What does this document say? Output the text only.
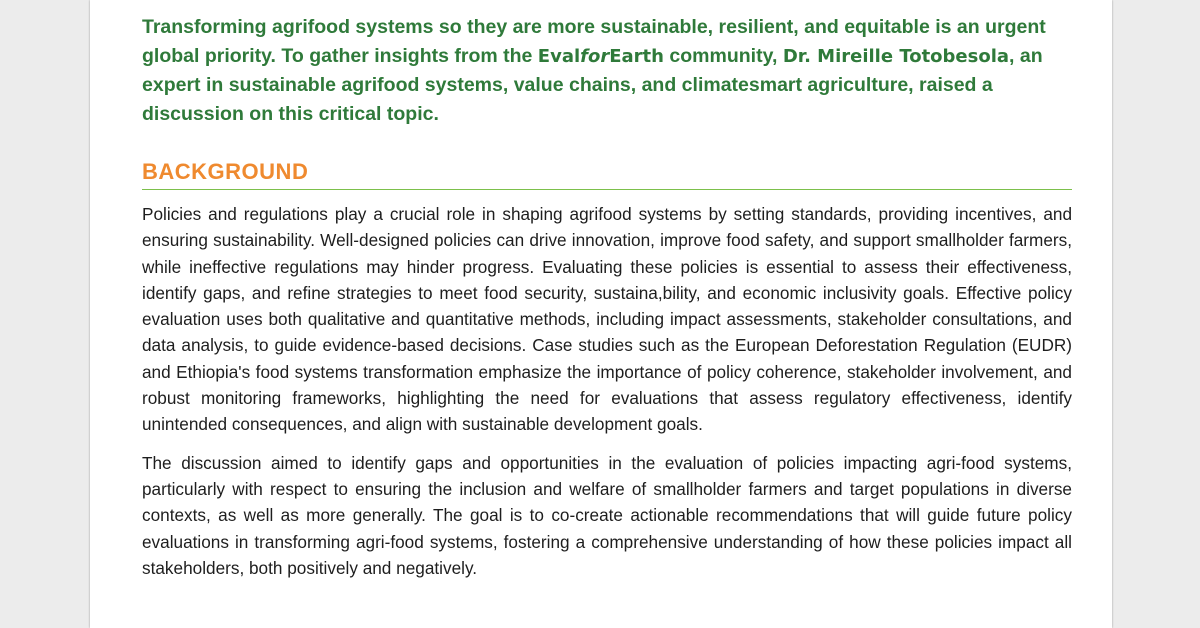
Transforming agrifood systems so they are more sustainable, resilient, and equitable is an urgent global priority. To gather insights from the EvalforEarth community, Dr. Mireille Totobesola, an expert in sustainable agrifood systems, value chains, and climatesmart agriculture, raised a discussion on this critical topic.

BACKGROUND

Policies and regulations play a crucial role in shaping agrifood systems by setting standards, providing incentives, and ensuring sustainability. Well-designed policies can drive innovation, improve food safety, and support smallholder farmers, while ineffective regulations may hinder progress. Evaluating these policies is essential to assess their effectiveness, identify gaps, and refine strategies to meet food security, sustaina,bility, and economic inclusivity goals. Effective policy evaluation uses both qualitative and quantitative methods, including impact assessments, stakeholder consultations, and data analysis, to guide evidence-based decisions. Case studies such as the European Deforestation Regulation (EUDR) and Ethiopia's food systems transformation emphasize the importance of policy coherence, stakeholder involvement, and robust monitoring frameworks, highlighting the need for evaluations that assess regulatory effectiveness, identify unintended consequences, and align with sustainable development goals.

The discussion aimed to identify gaps and opportunities in the evaluation of policies impacting agri-food systems, particularly with respect to ensuring the inclusion and welfare of smallholder farmers and target populations in diverse contexts, as well as more generally. The goal is to co-create actionable recommendations that will guide future policy evaluations in transforming agri-food systems, fostering a comprehensive understanding of how these policies impact all stakeholders, both positively and negatively.
